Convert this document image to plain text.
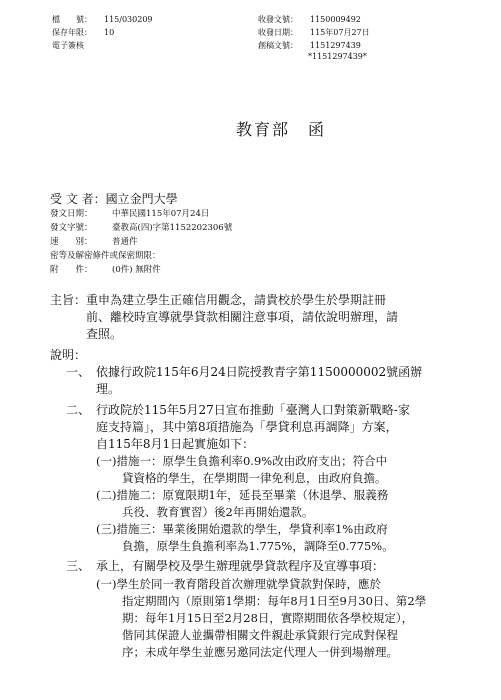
檔　　號： 115/030209
保存年限： 10
電子簽核
收發文號： 1150009492
收發日期： 115年07月27日
創稿文號： 1151297439
*1151297439*
教育部　函
受 文 者：國立金門大學
發文日期： 中華民國115年07月24日
發文字號： 臺教高(四)字第1152202306號
速　　別： 普通件
密等及解密條件或保密期限：
附　　件： (0件) 無附件
主旨： 重申為建立學生正確信用觀念，請貴校於學生於學期註冊
前、離校時宣導就學貸款相關注意事項，請依說明辦理，請
查照。
說明：
一、 依據行政院115年6月24日院授教青字第1150000002號函辦
理。
二、 行政院於115年5月27日宣布推動「臺灣人口對策新戰略-家
庭支持篇」，其中第8項措施為「學貸利息再調降」方案，
自115年8月1日起實施如下：
(一)措施一：原學生負擔利率0.9%改由政府支出；符合中
貸資格的學生，在學期間一律免利息，由政府負擔。
(二)措施二：原寬限期1年，延長至畢業（休退學、服義務
兵役、教育實習）後2年再開始還款。
(三)措施三：畢業後開始還款的學生，學貸利率1%由政府
負擔，原學生負擔利率為1.775%，調降至0.775%。
三、 承上，有關學校及學生辦理就學貸款程序及宣導事項：
(一)學生於同一教育階段首次辦理就學貸款對保時，應於
指定期間內（原則第1學期：每年8月1日至9月30日、第2學
期：每年1月15日至2月28日，實際期間依各學校規定），
偕同其保證人並攜帶相關文件親赴承貸銀行完成對保程
序；未成年學生並應另邀同法定代理人一併到場辦理。
